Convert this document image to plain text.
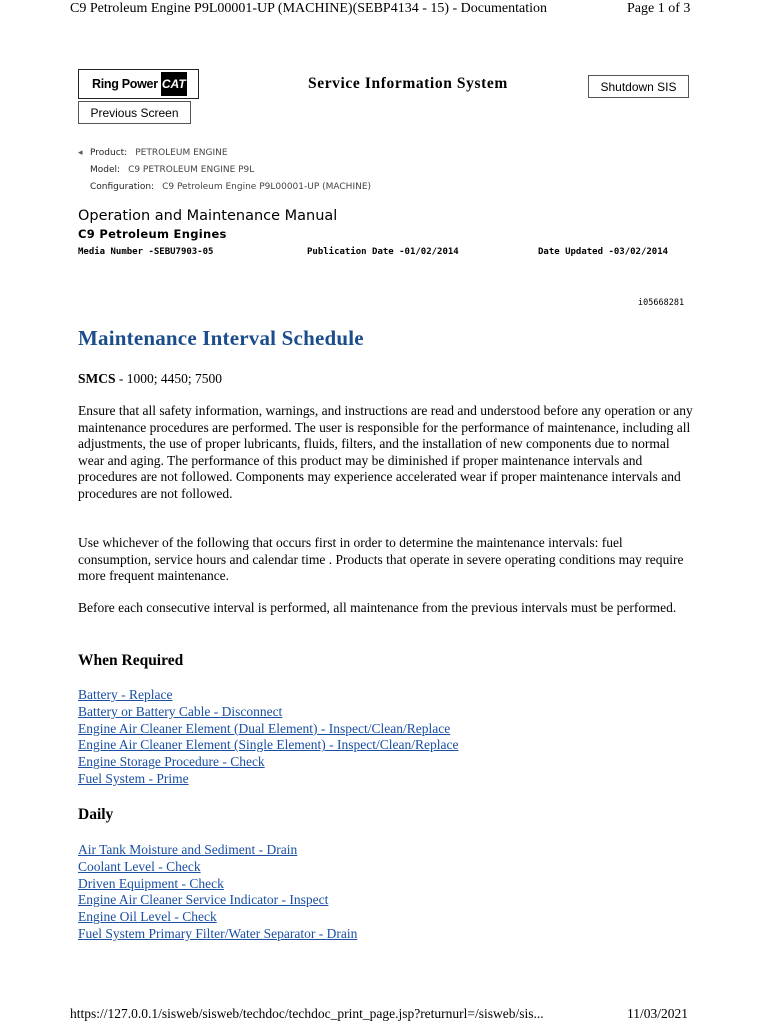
C9 Petroleum Engine P9L00001-UP (MACHINE)(SEBP4134 - 15) - Documentation	Page 1 of 3
Ring Power CAT	Service Information System	Shutdown SIS
Previous Screen
◂ Product: PETROLEUM ENGINE
Model: C9 PETROLEUM ENGINE P9L
Configuration: C9 Petroleum Engine P9L00001-UP (MACHINE)
Operation and Maintenance Manual
C9 Petroleum Engines
Media Number -SEBU7903-05	Publication Date -01/02/2014	Date Updated -03/02/2014
i05668281
Maintenance Interval Schedule
SMCS - 1000; 4450; 7500
Ensure that all safety information, warnings, and instructions are read and understood before any operation or any maintenance procedures are performed. The user is responsible for the performance of maintenance, including all adjustments, the use of proper lubricants, fluids, filters, and the installation of new components due to normal wear and aging. The performance of this product may be diminished if proper maintenance intervals and procedures are not followed. Components may experience accelerated wear if proper maintenance intervals and procedures are not followed.
Use whichever of the following that occurs first in order to determine the maintenance intervals: fuel consumption, service hours and calendar time . Products that operate in severe operating conditions may require more frequent maintenance.
Before each consecutive interval is performed, all maintenance from the previous intervals must be performed.
When Required
Battery - Replace
Battery or Battery Cable - Disconnect
Engine Air Cleaner Element (Dual Element) - Inspect/Clean/Replace
Engine Air Cleaner Element (Single Element) - Inspect/Clean/Replace
Engine Storage Procedure - Check
Fuel System - Prime
Daily
Air Tank Moisture and Sediment - Drain
Coolant Level - Check
Driven Equipment - Check
Engine Air Cleaner Service Indicator - Inspect
Engine Oil Level - Check
Fuel System Primary Filter/Water Separator - Drain
https://127.0.0.1/sisweb/sisweb/techdoc/techdoc_print_page.jsp?returnurl=/sisweb/sis...	11/03/2021
